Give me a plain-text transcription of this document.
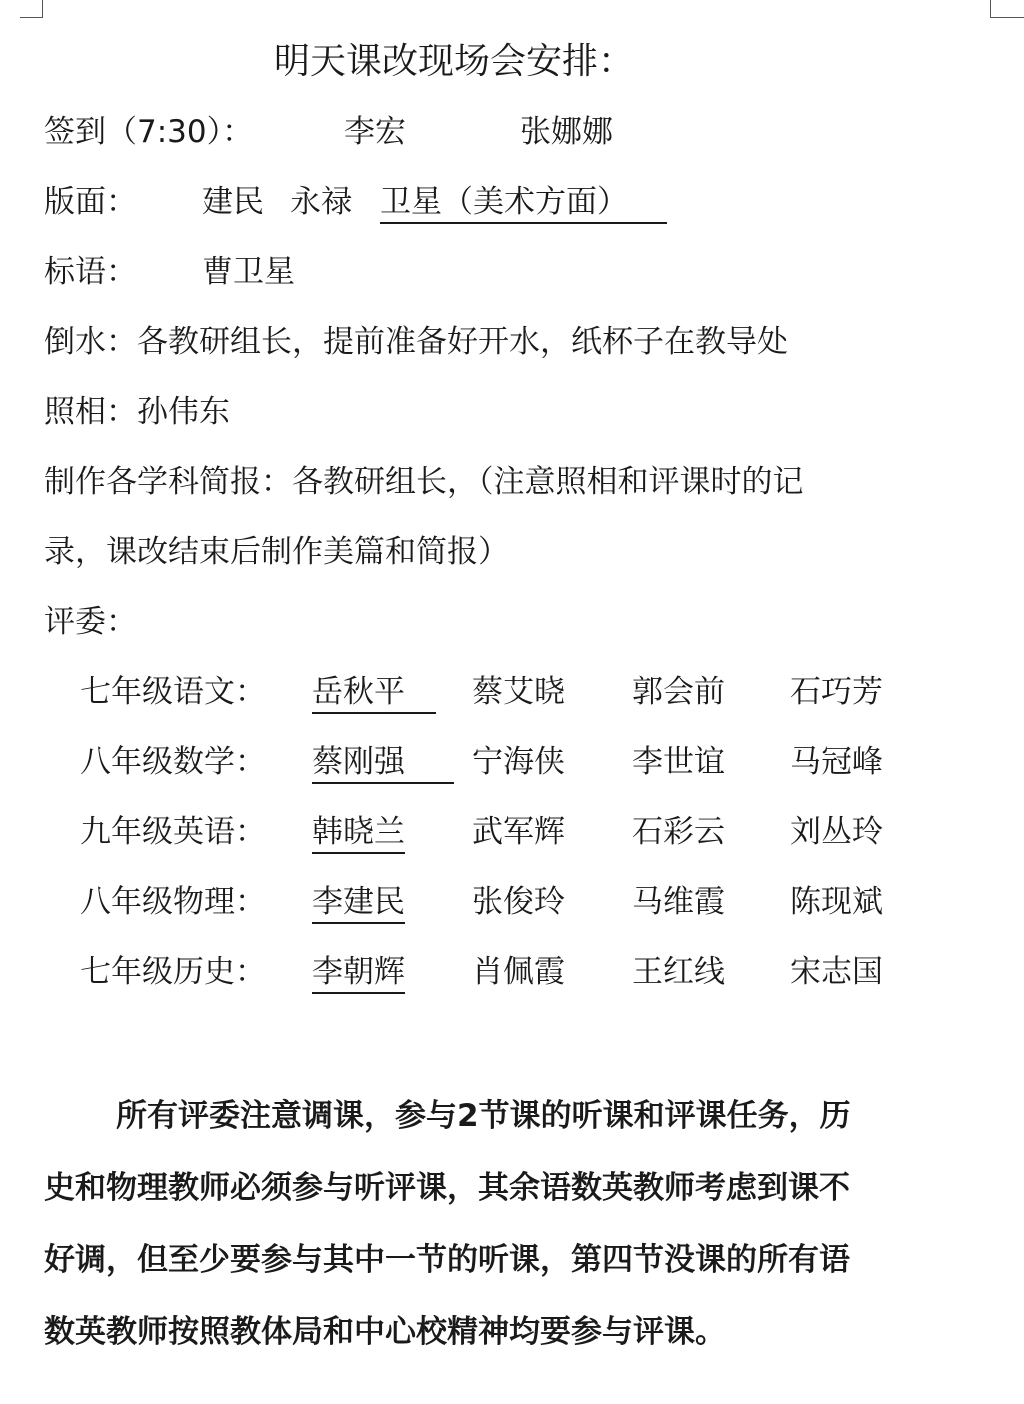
明天课改现场会安排：
签到（7:30）：	李宏	张娜娜
版面： 建民 永禄 卫星（美术方面）
标语： 曹卫星
倒水：各教研组长，提前准备好开水，纸杯子在教导处
照相：孙伟东
制作各学科简报：各教研组长，（注意照相和评课时的记
录，课改结束后制作美篇和简报）
评委：
七年级语文： 岳秋平	蔡艾晓 郭会前 石巧芳
八年级数学： 蔡刚强	宁海侠 李世谊 马冠峰
九年级英语： 韩晓兰 武军辉 石彩云 刘丛玲
八年级物理： 李建民 张俊玲 马维霞 陈现斌
七年级历史： 李朝辉 肖佩霞 王红线 宋志国
所有评委注意调课，参与2节课的听课和评课任务，历
史和物理教师必须参与听评课，其余语数英教师考虑到课不
好调，但至少要参与其中一节的听课，第四节没课的所有语
数英教师按照教体局和中心校精神均要参与评课。
